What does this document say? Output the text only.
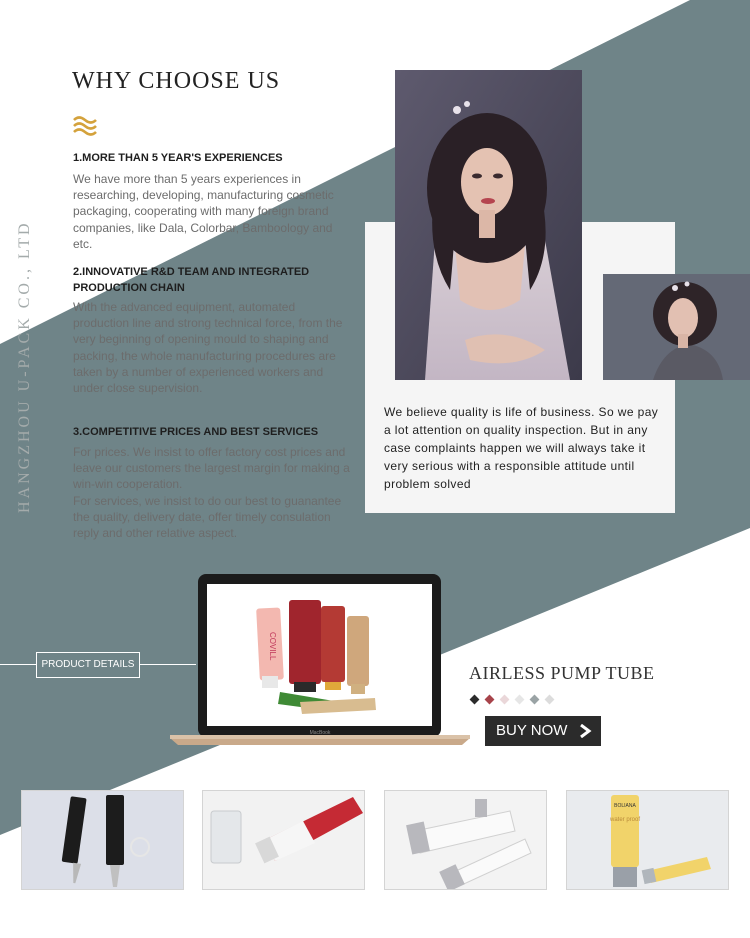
HANGZHOU U-PACK CO., LTD
WHY CHOOSE US
1.MORE THAN 5 YEAR'S EXPERIENCES

We have more than 5 years experiences in researching, developing, manufacturing cosmetic packaging, cooperating with many foreign brand companies, like Dala, Colorbar, Bamboology and etc.

2.INNOVATIVE R&D TEAM AND INTEGRATED PRODUCTION CHAIN

With the advanced equipment, automated production line and strong technical force, from the very beginning of opening mould to shaping and packing, the whole manufacturing procedures are taken by a number of experienced workers and under close supervision.

3.COMPETITIVE PRICES AND BEST SERVICES

For prices. We insist to offer factory cost prices and leave our customers the largest margin for making a win-win cooperation.
For services, we insist to do our best to guanantee the quality, delivery date, offer timely consulation reply and other relative aspect.

We believe quality is life of business. So we pay a lot attention on quality inspection. But in any case complaints happen we will always take it very serious with a responsible attitude until problem solved

PRODUCT DETAILS
MacBook
COVILL
AIRLESS PUMP TUBE
BUY NOW
BOLIANA
water proof
